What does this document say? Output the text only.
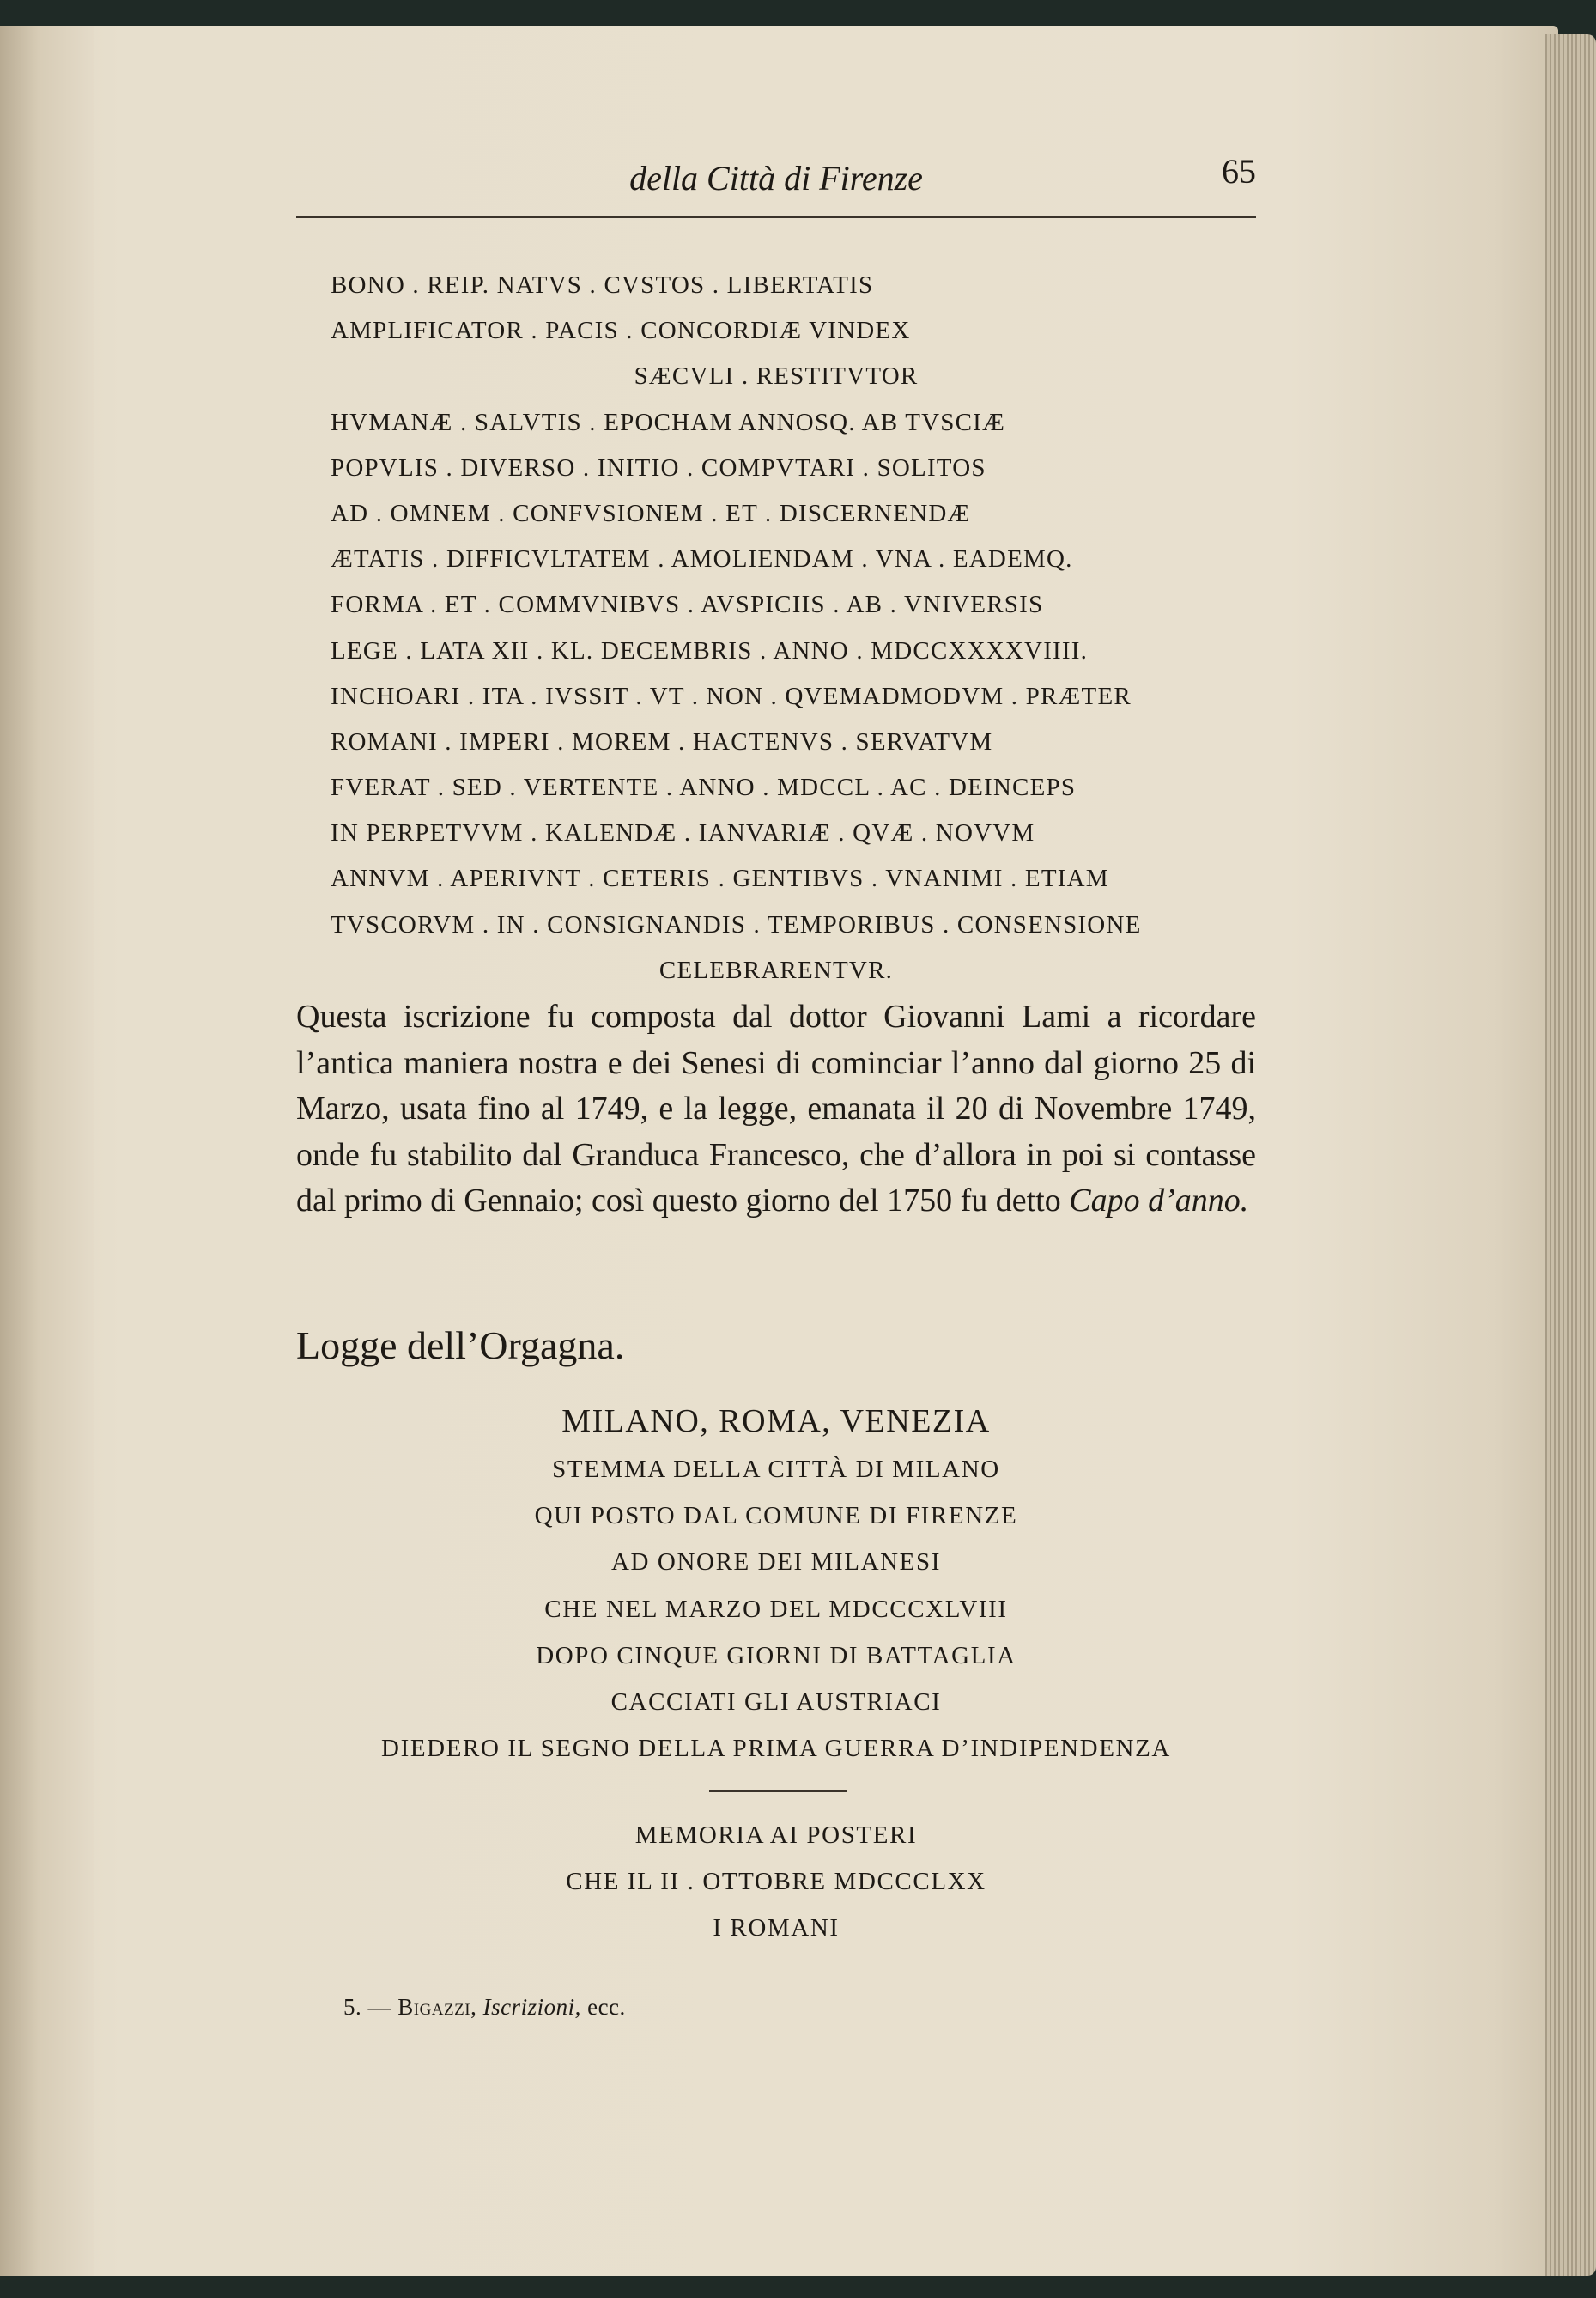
della Città di Firenze	65
BONO . REIP. NATVS . CVSTOS . LIBERTATIS
AMPLIFICATOR . PACIS . CONCORDIÆ VINDEX
SÆCVLI . RESTITVTOR
HVMANÆ . SALVTIS . EPOCHAM ANNOSQ. AB TVSCIÆ
POPVLIS . DIVERSO . INITIO . COMPVTARI . SOLITOS
AD . OMNEM . CONFVSIONEM . ET . DISCERNENDÆ
ÆTATIS . DIFFICVLTATEM . AMOLIENDAM . VNA . EADEMQ.
FORMA . ET . COMMVNIBVS . AVSPICIIS . AB . VNIVERSIS
LEGE . LATA XII . KL. DECEMBRIS . ANNO . MDCCXXXXVIIII.
INCHOARI . ITA . IVSSIT . VT . NON . QVEMADMODVM . PRÆTER
ROMANI . IMPERI . MOREM . HACTENVS . SERVATVM
FVERAT . SED . VERTENTE . ANNO . MDCCL . AC . DEINCEPS
IN PERPETVVM . KALENDÆ . IANVARIÆ . QVÆ . NOVVM
ANNVM . APERIVNT . CETERIS . GENTIBVS . VNANIMI . ETIAM
TVSCORVM . IN . CONSIGNANDIS . TEMPORIBUS . CONSENSIONE
CELEBRARENTVR.
Questa iscrizione fu composta dal dottor Giovanni Lami a ricordare l’antica maniera nostra e dei Senesi di cominciar l’anno dal giorno 25 di Marzo, usata fino al 1749, e la legge, emanata il 20 di Novembre 1749, onde fu stabilito dal Granduca Francesco, che d’allora in poi si contasse dal primo di Gennaio; così questo giorno del 1750 fu detto Capo d’anno.
Logge dell’Orgagna.
MILANO, ROMA, VENEZIA
STEMMA DELLA CITTÀ DI MILANO
QUI POSTO DAL COMUNE DI FIRENZE
AD ONORE DEI MILANESI
CHE NEL MARZO DEL MDCCCXLVIII
DOPO CINQUE GIORNI DI BATTAGLIA
CACCIATI GLI AUSTRIACI
DIEDERO IL SEGNO DELLA PRIMA GUERRA D’INDIPENDENZA
MEMORIA AI POSTERI
CHE IL II . OTTOBRE MDCCCLXX
I ROMANI
5. — Bigazzi, Iscrizioni, ecc.
